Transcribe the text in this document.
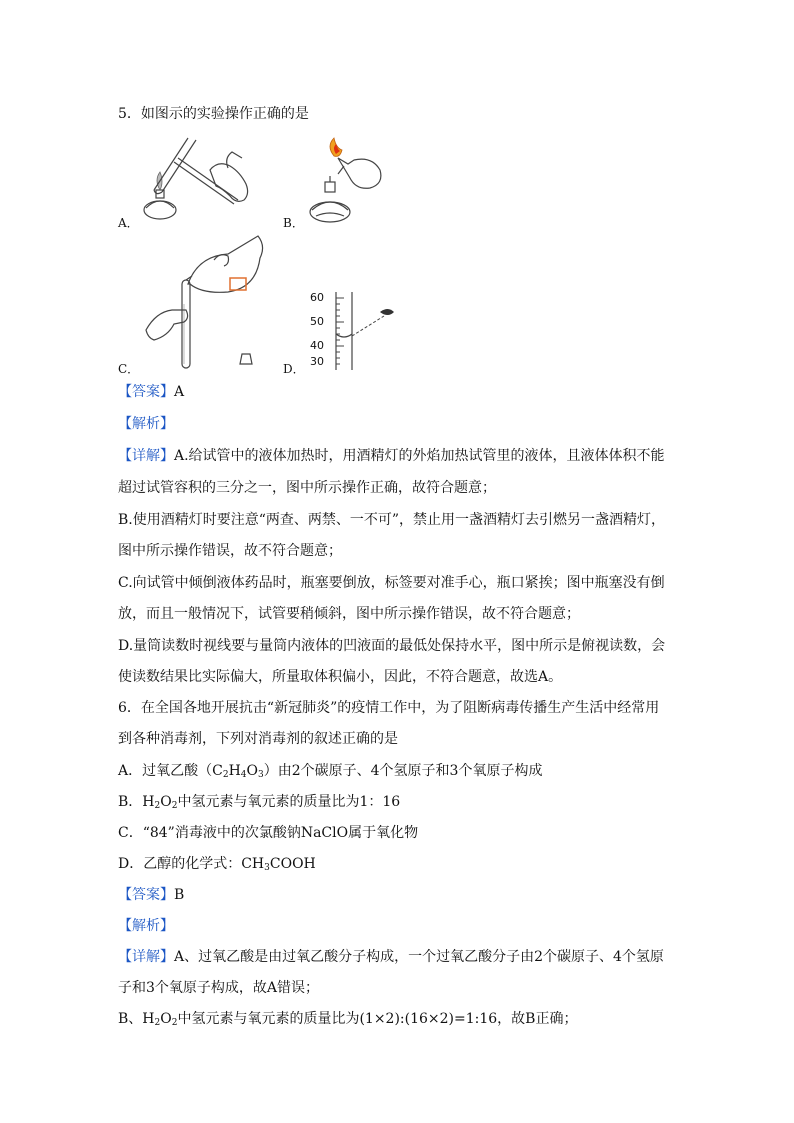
5．如图示的实验操作正确的是
A．	B．
C．
60
50
40
30
D．
【答案】A
【解析】
【详解】A.给试管中的液体加热时，用酒精灯的外焰加热试管里的液体，且液体体积不能
超过试管容积的三分之一，图中所示操作正确，故符合题意；
B.使用酒精灯时要注意“两查、两禁、一不可”，禁止用一盏酒精灯去引燃另一盏酒精灯，
图中所示操作错误，故不符合题意；
C.向试管中倾倒液体药品时，瓶塞要倒放，标签要对准手心，瓶口紧挨；图中瓶塞没有倒
放，而且一般情况下，试管要稍倾斜，图中所示操作错误，故不符合题意；
D.量筒读数时视线要与量筒内液体的凹液面的最低处保持水平，图中所示是俯视读数，会
使读数结果比实际偏大，所量取体积偏小，因此，不符合题意，故选A。
6．在全国各地开展抗击“新冠肺炎”的疫情工作中，为了阻断病毒传播生产生活中经常用
到各种消毒剂，下列对消毒剂的叙述正确的是
A．过氧乙酸$(C_2H_4O_3)$由2个碳原子、4个氢原子和3个氧原子构成
B．$H_2O_2$中氢元素与氧元素的质量比为1：16
C．“84”消毒液中的次氯酸钠NaClO属于氧化物
D．乙醇的化学式：$CH_3COOH$
【答案】B
【解析】
【详解】A、过氧乙酸是由过氧乙酸分子构成，一个过氧乙酸分子由2个碳原子、4个氢原
子和3个氧原子构成，故A错误；
B、$H_2O_2$中氢元素与氧元素的质量比为(1×2):(16×2)=1:16，故B正确；
